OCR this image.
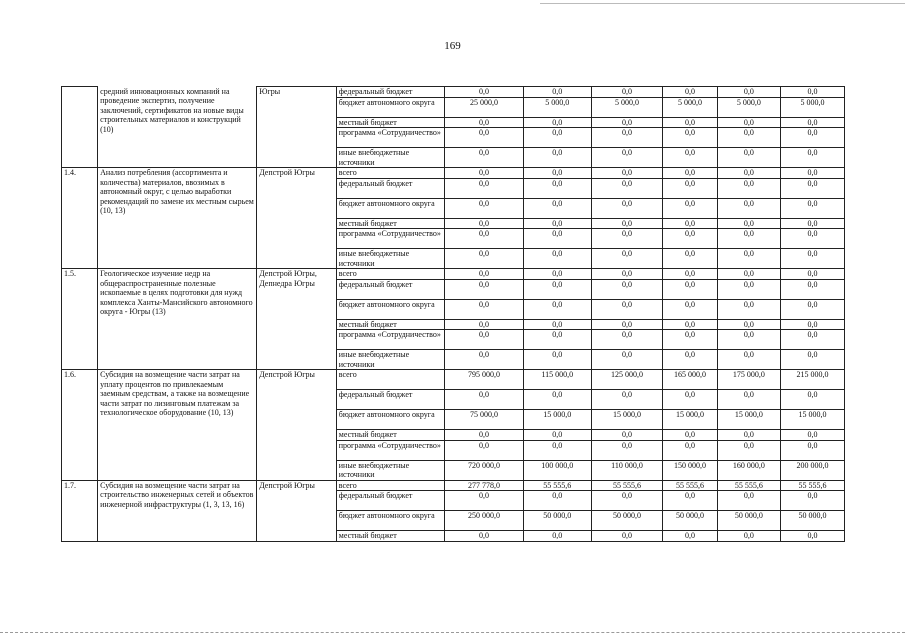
169
	средний инновационных компаний на проведение экспертиз, получение заключений, сертификатов на новые виды строительных материалов и конструкций (10)	Югры	федеральный бюджет	0,0	0,0	0,0	0,0	0,0	0,0
			бюджет автономного округа	25 000,0	5 000,0	5 000,0	5 000,0	5 000,0	5 000,0
			местный бюджет	0,0	0,0	0,0	0,0	0,0	0,0
			программа «Сотрудничество»	0,0	0,0	0,0	0,0	0,0	0,0
			иные внебюджетные источники	0,0	0,0	0,0	0,0	0,0	0,0
1.4.	Анализ потребления (ассортимента и количества) материалов, ввозимых в автономный округ, с целью выработки рекомендаций по замене их местным сырьем (10, 13)	Депстрой Югры	всего	0,0	0,0	0,0	0,0	0,0	0,0
			федеральный бюджет	0,0	0,0	0,0	0,0	0,0	0,0
			бюджет автономного округа	0,0	0,0	0,0	0,0	0,0	0,0
			местный бюджет	0,0	0,0	0,0	0,0	0,0	0,0
			программа «Сотрудничество»	0,0	0,0	0,0	0,0	0,0	0,0
			иные внебюджетные источники	0,0	0,0	0,0	0,0	0,0	0,0
1.5.	Геологическое изучение недр на общераспространенные полезные ископаемые в целях подготовки для нужд комплекса Ханты-Мансийского автономного округа - Югры (13)	Депстрой Югры, Депнедра Югры	всего	0,0	0,0	0,0	0,0	0,0	0,0
			федеральный бюджет	0,0	0,0	0,0	0,0	0,0	0,0
			бюджет автономного округа	0,0	0,0	0,0	0,0	0,0	0,0
			местный бюджет	0,0	0,0	0,0	0,0	0,0	0,0
			программа «Сотрудничество»	0,0	0,0	0,0	0,0	0,0	0,0
			иные внебюджетные источники	0,0	0,0	0,0	0,0	0,0	0,0
1.6.	Субсидия на возмещение части затрат на уплату процентов по привлекаемым заемным средствам, а также на возмещение части затрат по лизинговым платежам за технологическое оборудование (10, 13)	Депстрой Югры	всего	795 000,0	115 000,0	125 000,0	165 000,0	175 000,0	215 000,0
			федеральный бюджет	0,0	0,0	0,0	0,0	0,0	0,0
			бюджет автономного округа	75 000,0	15 000,0	15 000,0	15 000,0	15 000,0	15 000,0
			местный бюджет	0,0	0,0	0,0	0,0	0,0	0,0
			программа «Сотрудничество»	0,0	0,0	0,0	0,0	0,0	0,0
			иные внебюджетные источники	720 000,0	100 000,0	110 000,0	150 000,0	160 000,0	200 000,0
1.7.	Субсидия на возмещение части затрат на строительство инженерных сетей и объектов инженерной инфраструктуры (1, 3, 13, 16)	Депстрой Югры	всего	277 778,0	55 555,6	55 555,6	55 555,6	55 555,6	55 555,6
			федеральный бюджет	0,0	0,0	0,0	0,0	0,0	0,0
			бюджет автономного округа	250 000,0	50 000,0	50 000,0	50 000,0	50 000,0	50 000,0
			местный бюджет	0,0	0,0	0,0	0,0	0,0	0,0
